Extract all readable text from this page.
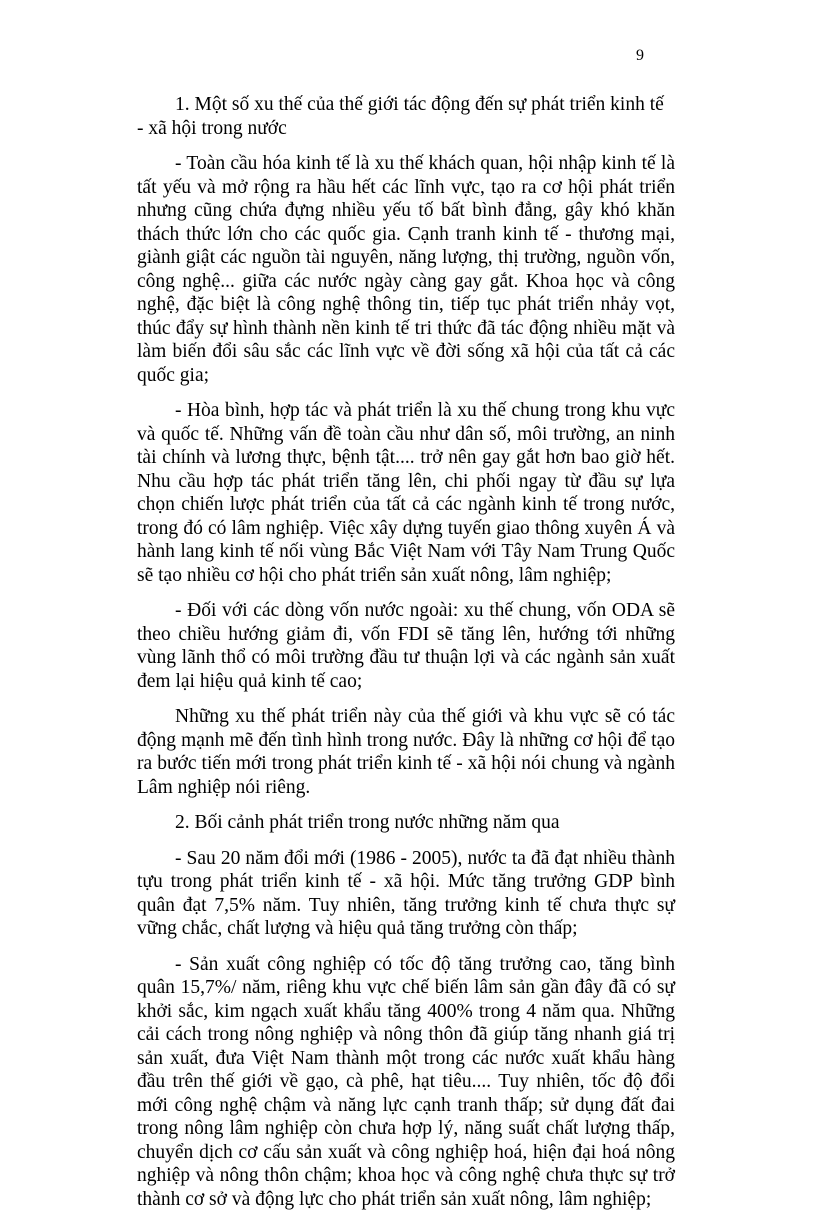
9

1. Một số xu thế của thế giới tác động đến sự phát triển kinh tế - xã hội trong nước

- Toàn cầu hóa kinh tế là xu thế khách quan, hội nhập kinh tế là tất yếu và mở rộng ra hầu hết các lĩnh vực, tạo ra cơ hội phát triển nhưng cũng chứa đựng nhiều yếu tố bất bình đẳng, gây khó khăn thách thức lớn cho các quốc gia. Cạnh tranh kinh tế - thương mại, giành giật các nguồn tài nguyên, năng lượng, thị trường, nguồn vốn, công nghệ... giữa các nước ngày càng gay gắt. Khoa học và công nghệ, đặc biệt là công nghệ thông tin, tiếp tục phát triển nhảy vọt, thúc đẩy sự hình thành nền kinh tế tri thức đã tác động nhiều mặt và làm biến đổi sâu sắc các lĩnh vực về đời sống xã hội của tất cả các quốc gia;

- Hòa bình, hợp tác và phát triển là xu thế chung trong khu vực và quốc tế. Những vấn đề toàn cầu như dân số, môi trường, an ninh tài chính và lương thực, bệnh tật.... trở nên gay gắt hơn bao giờ hết. Nhu cầu hợp tác phát triển tăng lên, chi phối ngay từ đầu sự lựa chọn chiến lược phát triển của tất cả các ngành kinh tế trong nước, trong đó có lâm nghiệp. Việc xây dựng tuyến giao thông xuyên Á và hành lang kinh tế nối vùng Bắc Việt Nam với Tây Nam Trung Quốc sẽ tạo nhiều cơ hội cho phát triển sản xuất nông, lâm nghiệp;

- Đối với các dòng vốn nước ngoài: xu thế chung, vốn ODA sẽ theo chiều hướng giảm đi, vốn FDI sẽ tăng lên, hướng tới những vùng lãnh thổ có môi trường đầu tư thuận lợi và các ngành sản xuất đem lại hiệu quả kinh tế cao;

Những xu thế phát triển này của thế giới và khu vực sẽ có tác động mạnh mẽ đến tình hình trong nước. Đây là những cơ hội để tạo ra bước tiến mới trong phát triển kinh tế - xã hội nói chung và ngành Lâm nghiệp nói riêng.

2. Bối cảnh phát triển trong nước những năm qua

- Sau 20 năm đổi mới (1986 - 2005), nước ta đã đạt nhiều thành tựu trong phát triển kinh tế - xã hội. Mức tăng trưởng GDP bình quân đạt 7,5% năm. Tuy nhiên, tăng trưởng kinh tế chưa thực sự vững chắc, chất lượng và hiệu quả tăng trưởng còn thấp;

- Sản xuất công nghiệp có tốc độ tăng trưởng cao, tăng bình quân 15,7%/ năm, riêng khu vực chế biến lâm sản gần đây đã có sự khởi sắc, kim ngạch xuất khẩu tăng 400% trong 4 năm qua. Những cải cách trong nông nghiệp và nông thôn đã giúp tăng nhanh giá trị sản xuất, đưa Việt Nam thành một trong các nước xuất khẩu hàng đầu trên thế giới về gạo, cà phê, hạt tiêu.... Tuy nhiên, tốc độ đổi mới công nghệ chậm và năng lực cạnh tranh thấp; sử dụng đất đai trong nông lâm nghiệp còn chưa hợp lý, năng suất chất lượng thấp, chuyển dịch cơ cấu sản xuất và công nghiệp hoá, hiện đại hoá nông nghiệp và nông thôn chậm; khoa học và công nghệ chưa thực sự trở thành cơ sở và động lực cho phát triển sản xuất nông, lâm nghiệp;
